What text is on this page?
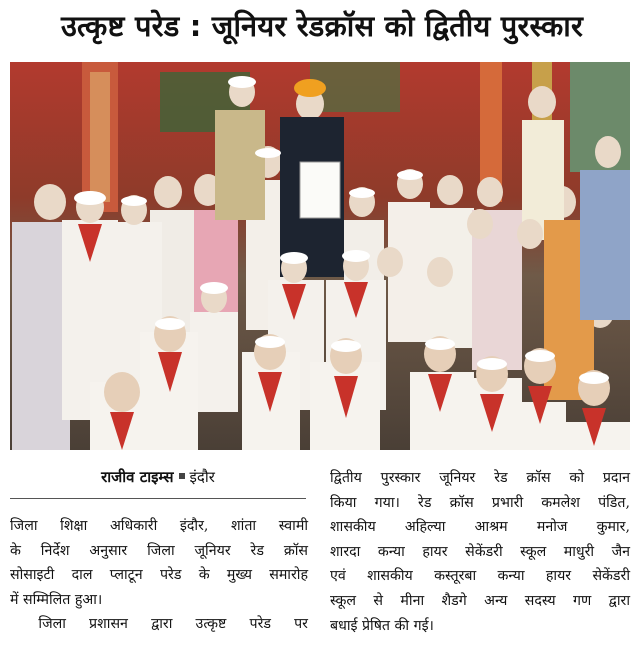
उत्कृष्ट परेड : जूनियर रेडक्रॉस को द्वितीय पुरस्कार
राजीव टाइम्स इंदौर
जिला शिक्षा अधिकारी इंदौर, शांता स्वामी
के निर्देश अनुसार जिला जूनियर रेड क्रॉस
सोसाइटी दाल प्लाटून परेड के मुख्य समारोह
में सम्मिलित हुआ।
जिला प्रशासन द्वारा उत्कृष्ट परेड पर
द्वितीय पुरस्कार जूनियर रेड क्रॉस को प्रदान
किया गया। रेड क्रॉस प्रभारी कमलेश पंडित,
शासकीय अहिल्या आश्रम मनोज कुमार,
शारदा कन्या हायर सेकेंडरी स्कूल माधुरी जैन
एवं शासकीय कस्तूरबा कन्या हायर सेकेंडरी
स्कूल से मीना शैडगे अन्य सदस्य गण द्वारा
बधाई प्रेषित की गई।
